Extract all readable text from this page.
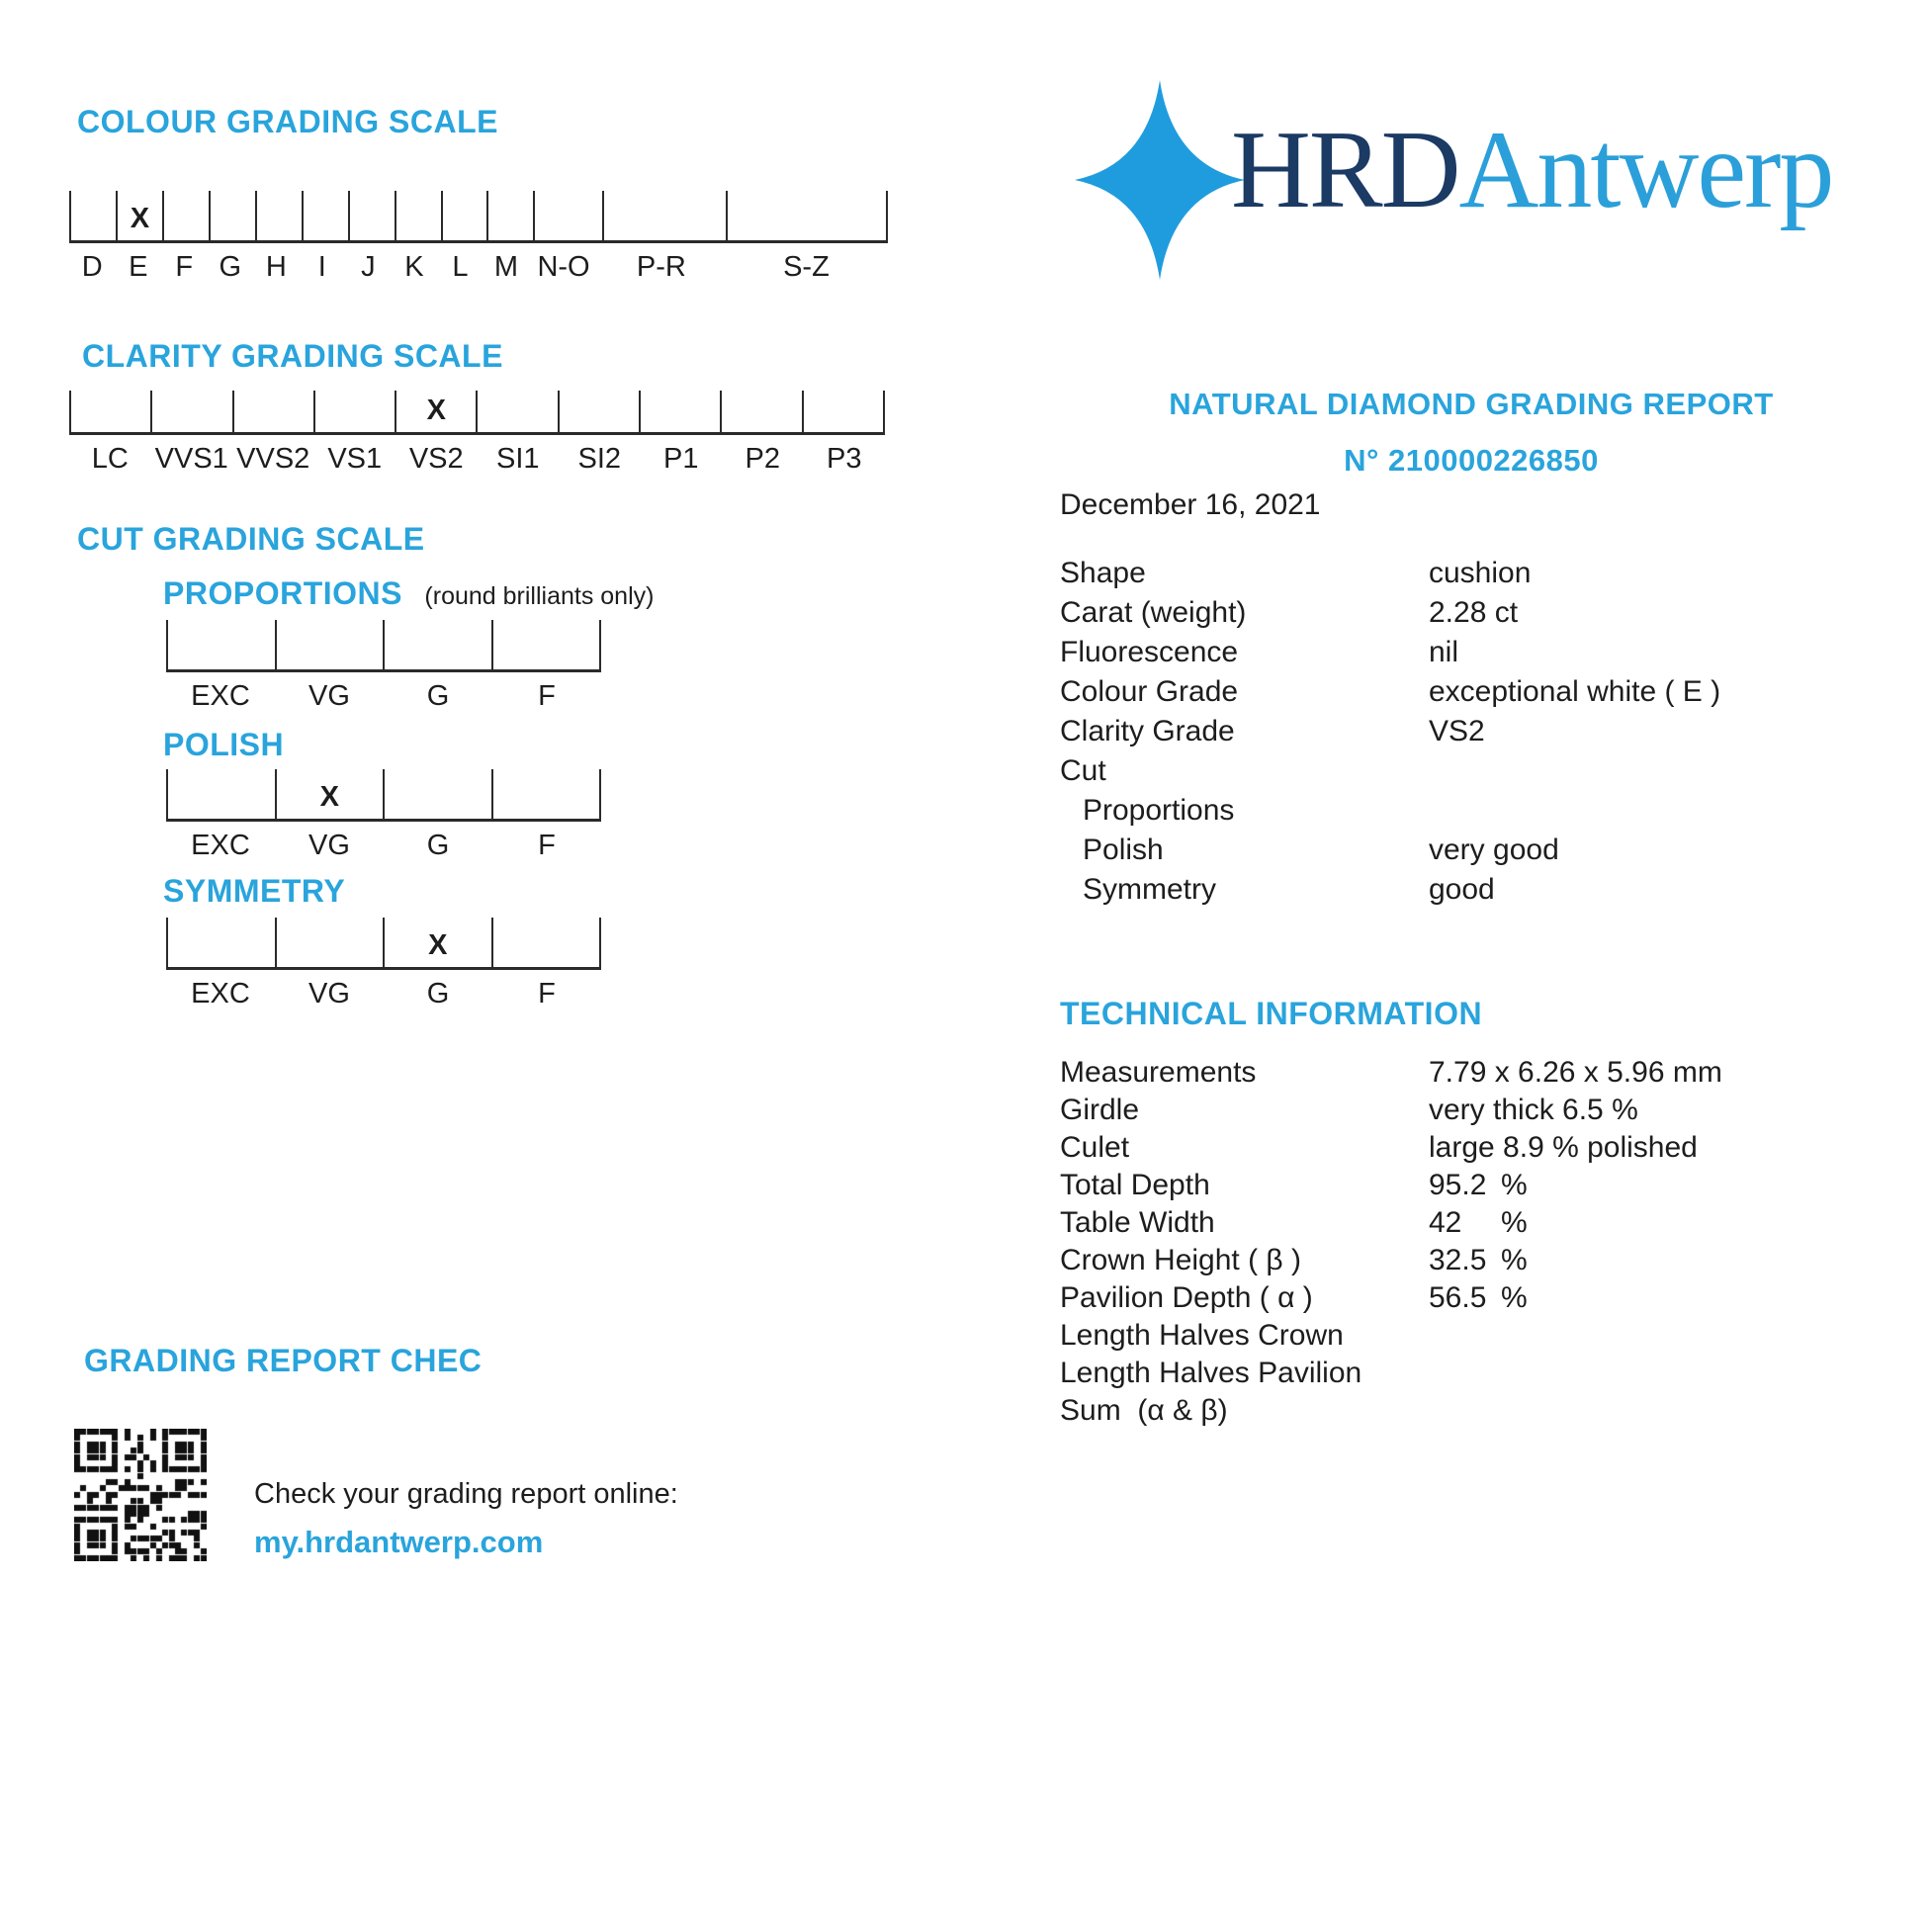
COLOUR GRADING SCALE
X
D E F G H	I	J	K L M N-O	P-R	S-Z
CLARITY GRADING SCALE
X
LC VVS1 VVS2 VS1 VS2	SI1	SI2	P1	P2	P3
CUT GRADING SCALE
PROPORTIONS (round brilliants only)
EXC	VG	G	F
POLISH
X
EXC	VG	G	F
SYMMETRY
X
EXC	VG	G	F
GRADING REPORT CHEC
Check your grading report online:
my.hrdantwerp.com
HRDAntwerp
NATURAL DIAMOND GRADING REPORT
N° 210000226850
December 16, 2021
Shape	cushion
Carat (weight)	2.28 ct
Fluorescence	nil
Colour Grade	exceptional white ( E )
Clarity Grade	VS2
Cut
Proportions
Polish	very good
Symmetry	good
TECHNICAL INFORMATION
Measurements	7.79 x 6.26 x 5.96 mm
Girdle	very thick 6.5 %
Culet	large 8.9 % polished
Total Depth	95.2 %
Table Width	42	%
Crown Height ( β )	32.5 %
Pavilion Depth ( α )	56.5 %
Length Halves Crown
Length Halves Pavilion
Sum  (α & β)
